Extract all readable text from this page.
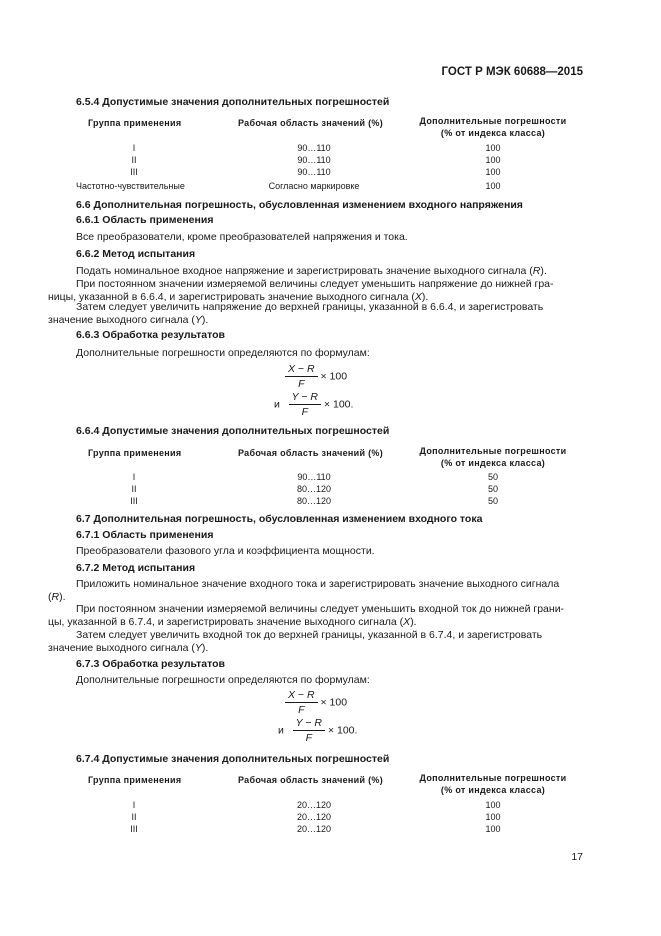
ГОСТ Р МЭК 60688—2015
6.5.4 Допустимые значения дополнительных погрешностей
Группа применения	Рабочая область значений (%)	Дополнительные погрешности
(% от индекса класса)
I	90…110	100
II	90…110	100
III	90…110	100
Частотно-чувствительные	Согласно маркировке	100
6.6 Дополнительная погрешность, обусловленная изменением входного напряжения
6.6.1 Область применения
Все преобразователи, кроме преобразователей напряжения и тока.
6.6.2 Метод испытания
Подать номинальное входное напряжение и зарегистрировать значение выходного сигнала (R).
При постоянном значении измеряемой величины следует уменьшить напряжение до нижней гра-
ницы, указанной в 6.6.4, и зарегистрировать значение выходного сигнала (X).
Затем следует увеличить напряжение до верхней границы, указанной в 6.6.4, и зарегистровать
значение выходного сигнала (Y).
6.6.3 Обработка результатов
Дополнительные погрешности определяются по формулам:
$\frac{X - R}{F} \times 100$
и $\frac{Y - R}{F} \times 100$.
6.6.4 Допустимые значения дополнительных погрешностей
Группа применения	Рабочая область значений (%)	Дополнительные погрешности
(% от индекса класса)
I	90…110	50
II	80…120	50
III	80…120	50
6.7 Дополнительная погрешность, обусловленная изменением входного тока
6.7.1 Область применения
Преобразователи фазового угла и коэффициента мощности.
6.7.2 Метод испытания
Приложить номинальное значение входного тока и зарегистрировать значение выходного сигнала
(R).
При постоянном значении измеряемой величины следует уменьшить входной ток до нижней грани-
цы, указанной в 6.7.4, и зарегистрировать значение выходного сигнала (X).
Затем следует увеличить входной ток до верхней границы, указанной в 6.7.4, и зарегистровать
значение выходного сигнала (Y).
6.7.3 Обработка результатов
Дополнительные погрешности определяются по формулам:
$\frac{X - R}{F} \times 100$
и $\frac{Y - R}{F} \times 100$.
6.7.4 Допустимые значения дополнительных погрешностей
Группа применения	Рабочая область значений (%)	Дополнительные погрешности
(% от индекса класса)
I	20…120	100
II	20…120	100
III	20…120	100
17
